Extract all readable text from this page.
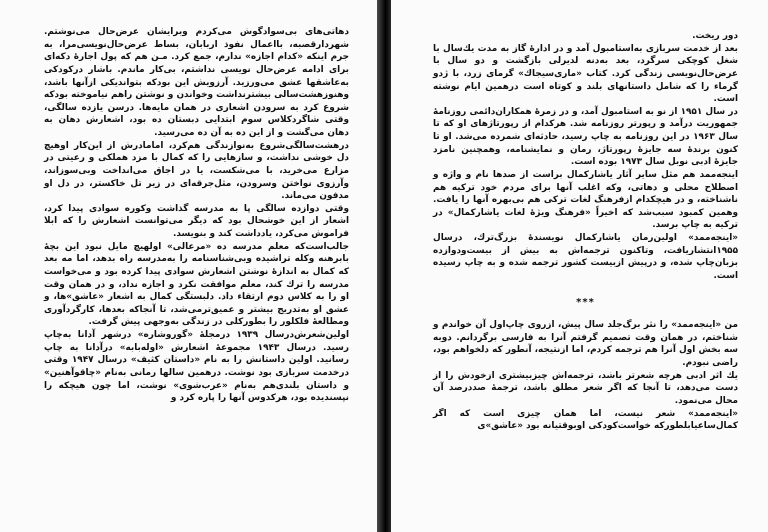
دهاتی‌های بی‌سوادگوش می‌کردم وبرایشان عرض‌حال می‌نوشتم. شهردارقصبه، با‌اعمال نفوذ اربابان، بساط عرض‌حال‌نویسی‌مرا، به جرم اینکه «کدام اجازه» ندارم، جمع کرد. مـن هم که پول اجارهٔ دکه‌ای برای ادامه عرض‌حال نویسی نداشتم، بی‌کار ماندم. باشار درکودکی به‌عاشقها عشق می‌ورزید. آرزویش این بودکه بتواندیکی ازآنها باشد، وهنوزهشت‌سالی بیشترنداشت وخواندن و نوشتن راهم نیاموخته بودکه شروع کرد به سرودن اشعاری در همان مایه‌ها. درسن یازده سالگی، وقتی شاگردکلاس سوم ابتدایی دبستان ده بود، اشعارش دهان به دهان می‌گشت و از این ده به آن ده می‌رسید.

درهشت‌سالگی‌شروع به‌نوازندگی هم‌کرد، امامادرش از این‌کار اوهیچ دل خوشی نداشت، و سازهایی را که کمال با مزد هملکی و رعیتی در مزارع می‌خرید، با می‌شکست، یا در اجاق می‌انداخت وبی‌سوزاند، وآرزوی نواختن وسرودن، مثل‌جرقه‌ای در زیر تل خاکستر، در دل او مدفون می‌ماند.

وقتی دوازده سالگی پا به مدرسه گذاشت وکوره سوادی پیدا کرد، اشعار از این خوشحال بود که دیگر می‌توانست اشعارش را که ابلا فراموش می‌کرد، یادداشت کند و بنویسد.

جالب‌است‌که معلم مدرسه ده «مرعالی» اولهیچ مایل نبود این بچهٔ بابرهنه وکله تراشیده وبی‌شناسنامه را به‌مدرسه راه بدهد، اما مه بعد که کمال به اندازهٔ نوشتن اشعارش سوادی پیدا کرده بود و می‌خواست مدرسه را ترك کند، معلم موافقت نکرد و اجازه نداد، و در همان وقت او را به کلاس دوم ارتقاء داد. دلبستگی کمال به اشعار «عاشق»ها، و عشق او به‌تدریج بیشتر و عمیق‌ترمی‌شد، تا آنجاکه بعدها، کارگردآوری ومطالعهٔ فلکلور را بطورکلی در زندگی به‌وجهی پیش گرفت.

اولین‌شعرش‌درسال ۱۹۳۹ در‌مجلهٔ «گوروشاره» درشهر آدانا به‌چاپ رسید. درسال ۱۹۴۳ مجموعهٔ اشعارش «اوله‌بابه» درآدانا به چاپ رسانید. اولین داستانش را به نام «داستان کثیف» درسال ۱۹۴۷ وقتی درخدمت سربازی بود نوشت. درهمین سالها رمانی به‌نام «چاقو‌آهنین» و داستان بلندی‌هم به‌نام «عرب‌شوی» نوشت، اما چون هیچکه را نپسندیده بود، هرکدو‌س آنها را پاره کرد و

دور ریخت.

بعد از خدمت سربازی به‌استامبول آمد و در ادارهٔ گاز به مدت یك‌سال با شغل کوچکی سرگرد، بعد به‌دنه لدیر‌لی باز‌گشت و دو سال با عرض‌حال‌نویسی زندگی کرد. کتاب «ماری‌سیجاك» گرمای زرد، با ژ‌دو گرماء را که شامل داستانهای بلند و کوتاه است درهمین ایام نوشته است.

در سال ۱۹۵۱ از نو به استامبول آمد، و در زمرهٔ همکاران‌دائمی روزنامهٔ جمهوریت درآمد و رپورتر روزنامه شد. هرکدام از رپورتاژهای او که تا سال ۱۹۶۳ در این روزنامه به چاپ رسید، حادثه‌ای شمرده می‌شد. او تا کنون برندهٔ سه جایزهٔ رپورتاژ، رمان و نمایشنامه، وهمچنین نامزد جایزهٔ ادبی نوبل سال ۱۹۷۳ بوده است.

اینجه‌ممد هم مثل سایر آثار یاشارکمال براست از صدها نام و واژه و اصطلاح محلی و دهاتی، وکه اغلب آنها برای مردم خود ترکیه هم ناشناخته، و در هیچکدام ازفرهنگ لغات ترکی هم بی‌بهره آنها را یافت. وهمین کمبود سبب‌شد که اخیراً «فرهنگ ویژهٔ لغات یاشارکمال» در ترکیه به چاپ برسد.

«اینجه‌ممد» اولین‌رمان یاشارکمال نویسندهٔ بزرگ‌ترك، درسال ۱۹۵۵‌انتشاریافت، وتاکنون ترجمه‌اش به بیش از بیست‌ودوازده بزبان‌چاپ شده، و درپیش ازبیست کشور ترجمه شده و به چاپ رسیده است.

***

من «اینجه‌ممد» را نثر برگ‌جلد سال پیش، ازروی چاپ‌اول آن خواندم و شناختم، در همان وقت تصمیم گرفتم آنرا به فارسی برگردانم. دوبه سه بخش اول آنرا هم ترجمه کردم، اما ازنتیجه، آنطور که دلخواهم بود، راضی نبودم.

یك اثر ادبی هرچه شعرتر باشد، ترجمه‌اش چیزبیشتری ازخودش را از دست می‌دهد، تا آنجا که اگر شعر مطلق باشد، ترجمهٔ صددرصد آن محال می‌نمود.

«اینجه‌ممد» شعر نیست، اما همان چیزی است که اگر کمال‌ساعیابلطورکه خواست‌کودکی اوبوقتیانه بود «عاشق»ی
